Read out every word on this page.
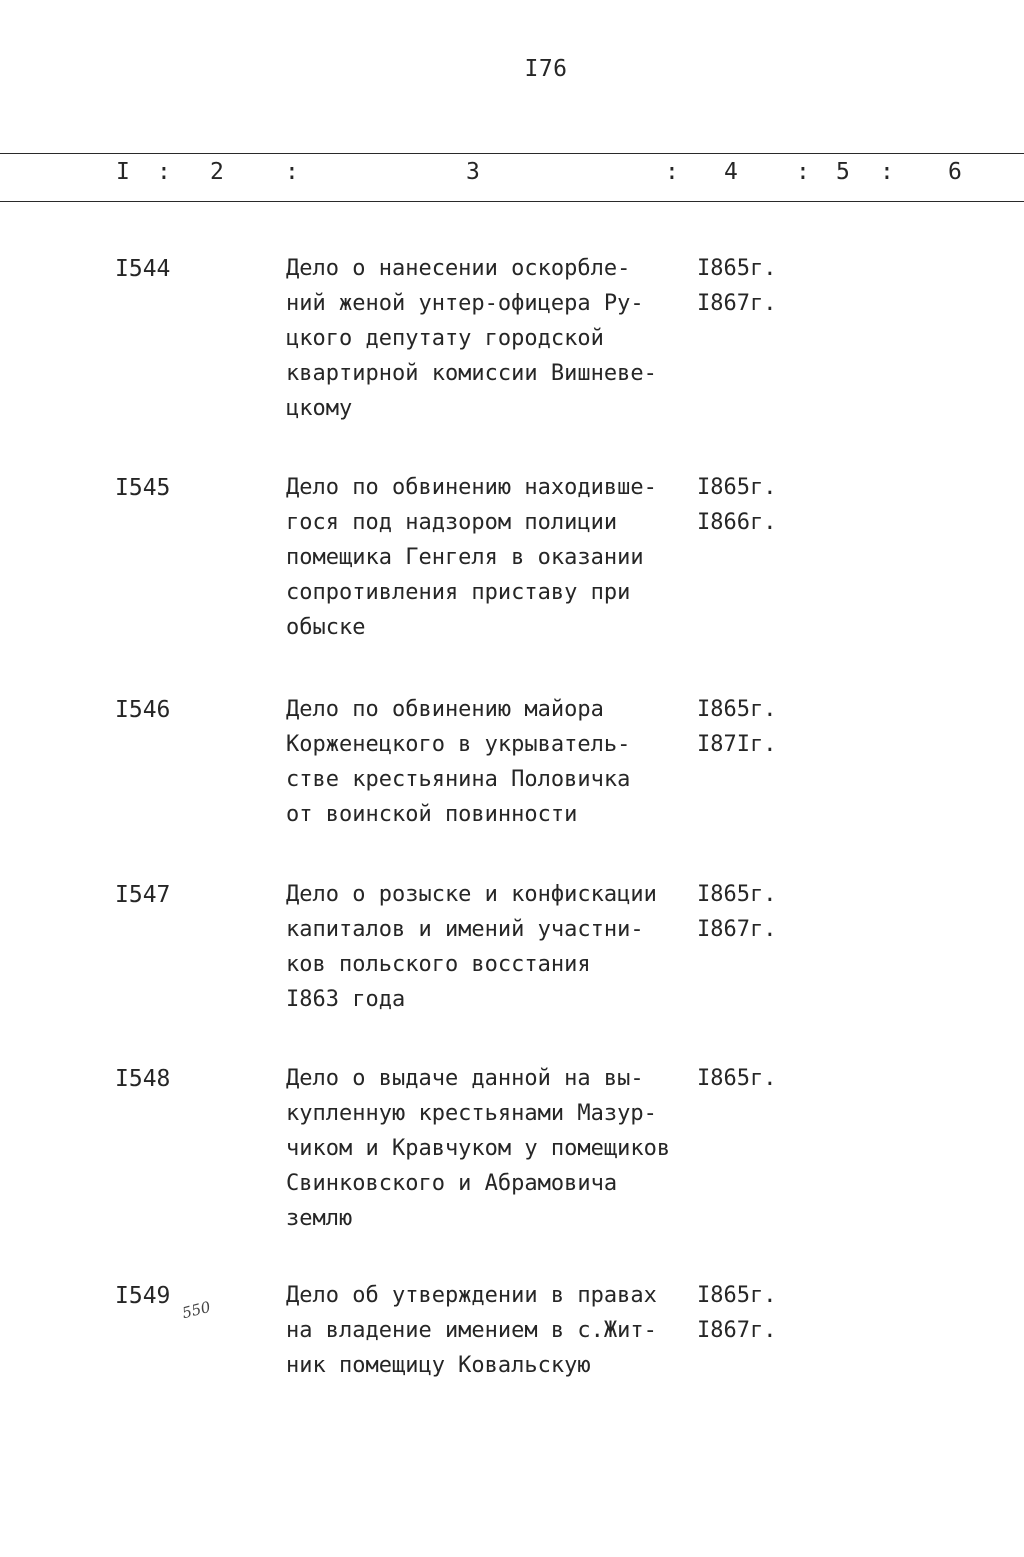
I76
I : 2	:	3	: 4	: 5 : 6
I544	Дело о нанесении оскорбле-
ний женой унтер-офицера Ру-
цкого депутату городской
квартирной комиссии Вишневе-
цкому
I865г.
I867г.
I545	Дело по обвинению находивше-
гося под надзором полиции
помещика Генгеля в оказании
сопротивления приставу при
обыске
I865г.
I866г.
I546	Дело по обвинению майора
Корженецкого в укрыватель-
стве крестьянина Половичка
от воинской повинности
I865г.
I87Iг.
I547	Дело о розыске и конфискации
капиталов и имений участни-
ков польского восстания
I863 года
I865г.
I867г.
I548	Дело о выдаче данной на вы-
купленную крестьянами Мазур-
чиком и Кравчуком у помещиков
Свинковского и Абрамовича
землю
I865г.
I549	Дело об утверждении в правах
на владение имением в с.Жит-
ник помещицу Ковальскую
I865г.
I867г.
550
